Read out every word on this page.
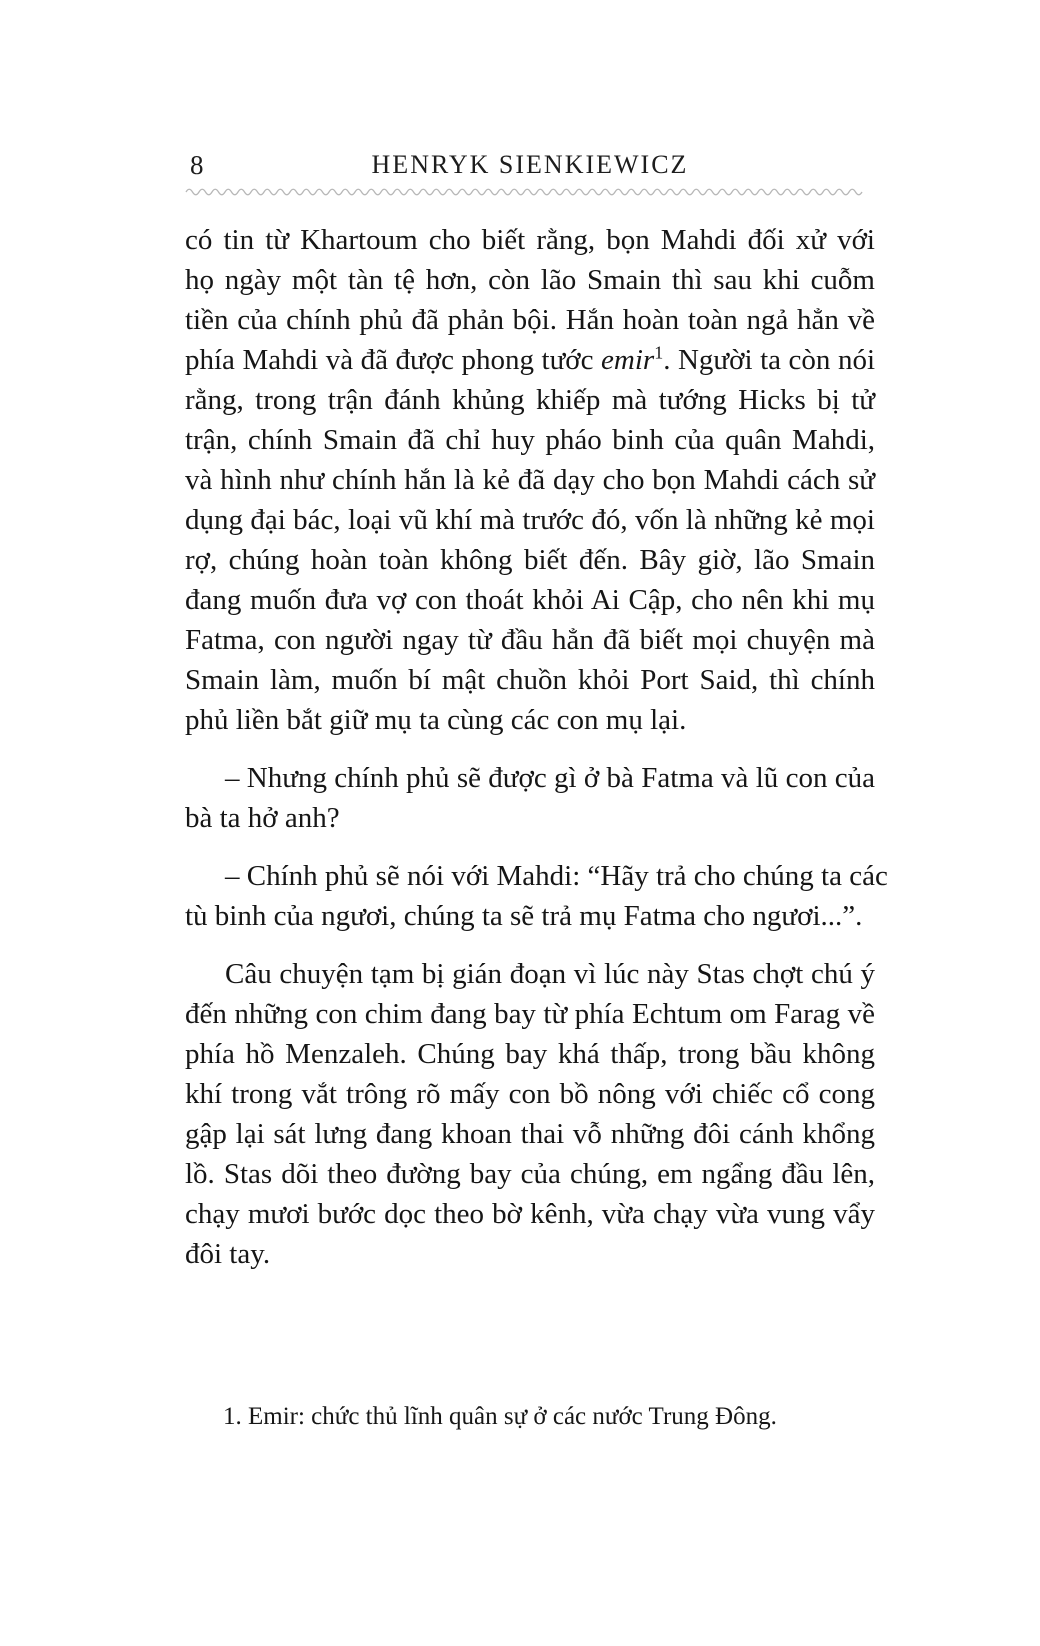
8	HENRYK SIENKIEWICZ
có tin từ Khartoum cho biết rằng, bọn Mahdi đối xử với
họ ngày một tàn tệ hơn, còn lão Smain thì sau khi cuỗm
tiền của chính phủ đã phản bội. Hắn hoàn toàn ngả hẳn về
phía Mahdi và đã được phong tước emir$^1$. Người ta còn nói
rằng, trong trận đánh khủng khiếp mà tướng Hicks bị tử
trận, chính Smain đã chỉ huy pháo binh của quân Mahdi,
và hình như chính hắn là kẻ đã dạy cho bọn Mahdi cách sử
dụng đại bác, loại vũ khí mà trước đó, vốn là những kẻ mọi
rợ, chúng hoàn toàn không biết đến. Bây giờ, lão Smain
đang muốn đưa vợ con thoát khỏi Ai Cập, cho nên khi mụ
Fatma, con người ngay từ đầu hẳn đã biết mọi chuyện mà
Smain làm, muốn bí mật chuồn khỏi Port Said, thì chính
phủ liền bắt giữ mụ ta cùng các con mụ lại.
– Nhưng chính phủ sẽ được gì ở bà Fatma và lũ con của
bà ta hở anh?
– Chính phủ sẽ nói với Mahdi: “Hãy trả cho chúng ta các
tù binh của ngươi, chúng ta sẽ trả mụ Fatma cho ngươi...”.
Câu chuyện tạm bị gián đoạn vì lúc này Stas chợt chú ý
đến những con chim đang bay từ phía Echtum om Farag về
phía hồ Menzaleh. Chúng bay khá thấp, trong bầu không
khí trong vắt trông rõ mấy con bồ nông với chiếc cổ cong
gập lại sát lưng đang khoan thai vỗ những đôi cánh khổng
lồ. Stas dõi theo đường bay của chúng, em ngẩng đầu lên,
chạy mươi bước dọc theo bờ kênh, vừa chạy vừa vung vẩy
đôi tay.
1. Emir: chức thủ lĩnh quân sự ở các nước Trung Đông.
